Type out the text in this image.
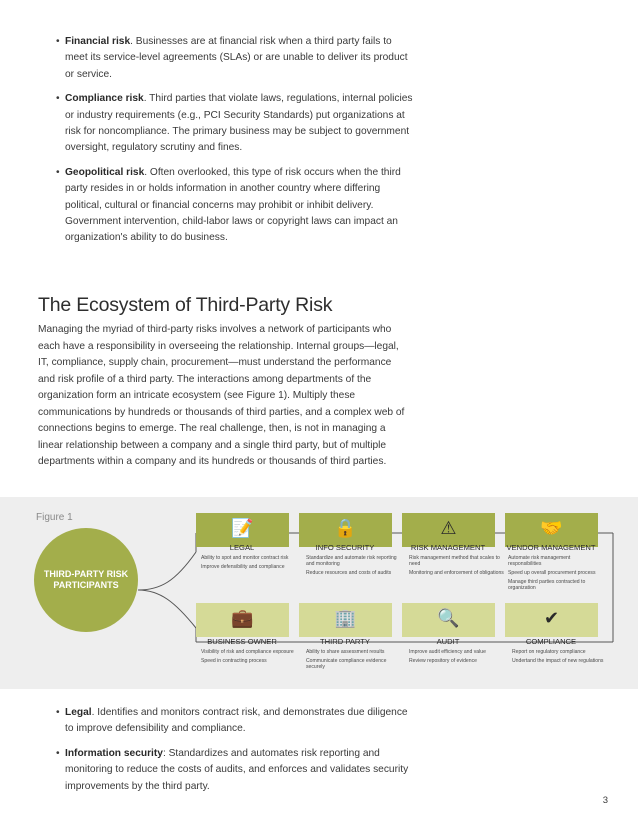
• Financial risk. Businesses are at financial risk when a third party fails to meet its service-level agreements (SLAs) or are unable to deliver its product or service.
• Compliance risk. Third parties that violate laws, regulations, internal policies or industry requirements (e.g., PCI Security Standards) put organizations at risk for noncompliance. The primary business may be subject to government oversight, regulatory scrutiny and fines.
• Geopolitical risk. Often overlooked, this type of risk occurs when the third party resides in or holds information in another country where differing political, cultural or financial concerns may prohibit or inhibit delivery. Government intervention, child-labor laws or copyright laws can impact an organization's ability to do business.
The Ecosystem of Third-Party Risk

Managing the myriad of third-party risks involves a network of participants who each have a responsibility in overseeing the relationship. Internal groups—legal, IT, compliance, supply chain, procurement—must understand the performance and risk profile of a third party. The interactions among departments of the organization form an intricate ecosystem (see Figure 1). Multiply these communications by hundreds or thousands of third parties, and a complex web of connections begins to emerge. The real challenge, then, is not in managing a linear relationship between a company and a single third party, but of multiple departments within a company and its hundreds or thousands of third parties.

Figure 1
THIRD-PARTY RISK PARTICIPANTS
📝
LEGAL
Ability to spot and monitor contract risk
Improve defensibility and compliance
🔒
INFO SECURITY
Standardize and automate risk reporting and monitoring
Reduce resources and costs of audits
⚠
RISK MANAGEMENT
Risk management method that scales to need
Monitoring and enforcement of obligations
🤝
VENDOR MANAGEMENT
Automate risk management responsibilities
Speed up overall procurement process
Manage third parties contracted to organization
💼
BUSINESS OWNER
Visibility of risk and compliance exposure
Speed in contracting process
🏢
THIRD PARTY
Ability to share assessment results
Communicate compliance evidence securely
🔍
AUDIT
Improve audit efficiency and value
Review repository of evidence
✔
COMPLIANCE
Report on regulatory compliance
Undertand the impact of new regulations
• Legal. Identifies and monitors contract risk, and demonstrates due diligence to improve defensibility and compliance.
• Information security: Standardizes and automates risk reporting and monitoring to reduce the costs of audits, and enforces and validates security improvements by the third party.
3
